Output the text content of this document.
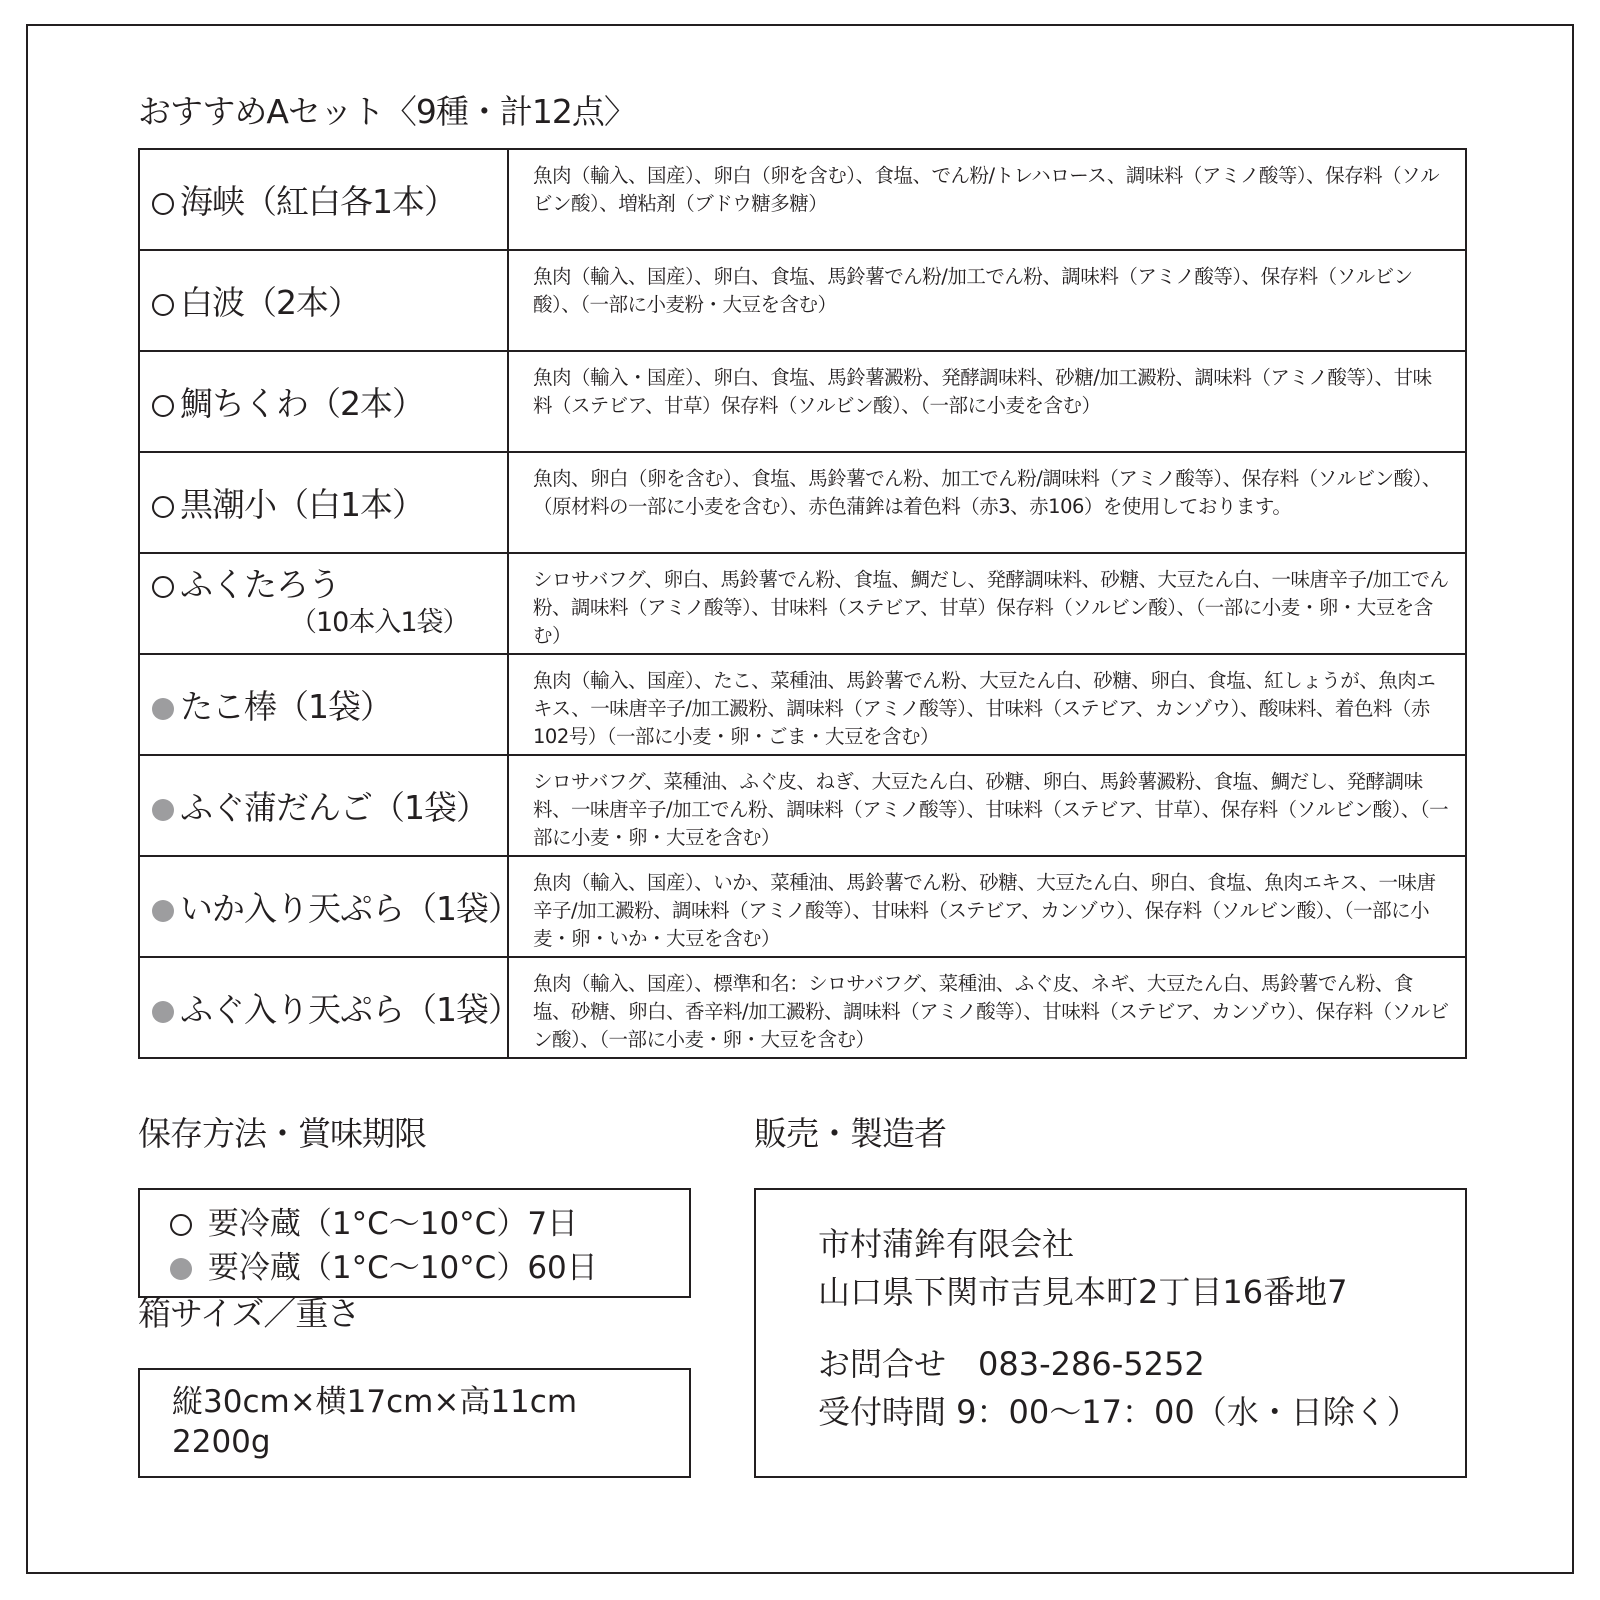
おすすめAセット〈9種・計12点〉
海峡（紅白各1本）	魚肉（輸入、国産）、卵白（卵を含む）、食塩、でん粉/トレハロース、調味料（アミノ酸等）、保存料（ソルビン酸）、増粘剤（ブドウ糖多糖）
白波（2本）	魚肉（輸入、国産）、卵白、食塩、馬鈴薯でん粉/加工でん粉、調味料（アミノ酸等）、保存料（ソルビン酸）、（一部に小麦粉・大豆を含む）
鯛ちくわ（2本）	魚肉（輸入・国産）、卵白、食塩、馬鈴薯澱粉、発酵調味料、砂糖/加工澱粉、調味料（アミノ酸等）、甘味料（ステビア、甘草）保存料（ソルビン酸）、（一部に小麦を含む）
黒潮小（白1本）	魚肉、卵白（卵を含む）、食塩、馬鈴薯でん粉、加工でん粉/調味料（アミノ酸等）、保存料（ソルビン酸）、（原材料の一部に小麦を含む）、赤色蒲鉾は着色料（赤3、赤106）を使用しております。
ふくたろう
（10本入1袋）	シロサバフグ、卵白、馬鈴薯でん粉、食塩、鯛だし、発酵調味料、砂糖、大豆たん白、一味唐辛子/加工でん粉、調味料（アミノ酸等）、甘味料（ステビア、甘草）保存料（ソルビン酸）、（一部に小麦・卵・大豆を含む）
たこ棒（1袋）	魚肉（輸入、国産）、たこ、菜種油、馬鈴薯でん粉、大豆たん白、砂糖、卵白、食塩、紅しょうが、魚肉エキス、一味唐辛子/加工澱粉、調味料（アミノ酸等）、甘味料（ステビア、カンゾウ）、酸味料、着色料（赤102号）（一部に小麦・卵・ごま・大豆を含む）
ふぐ蒲だんご（1袋）	シロサバフグ、菜種油、ふぐ皮、ねぎ、大豆たん白、砂糖、卵白、馬鈴薯澱粉、食塩、鯛だし、発酵調味料、一味唐辛子/加工でん粉、調味料（アミノ酸等）、甘味料（ステビア、甘草）、保存料（ソルビン酸）、（一部に小麦・卵・大豆を含む）
いか入り天ぷら（1袋）	魚肉（輸入、国産）、いか、菜種油、馬鈴薯でん粉、砂糖、大豆たん白、卵白、食塩、魚肉エキス、一味唐辛子/加工澱粉、調味料（アミノ酸等）、甘味料（ステビア、カンゾウ）、保存料（ソルビン酸）、（一部に小麦・卵・いか・大豆を含む）
ふぐ入り天ぷら（1袋）	魚肉（輸入、国産）、標準和名：シロサバフグ、菜種油、ふぐ皮、ネギ、大豆たん白、馬鈴薯でん粉、食塩、砂糖、卵白、香辛料/加工澱粉、調味料（アミノ酸等）、甘味料（ステビア、カンゾウ）、保存料（ソルビン酸）、（一部に小麦・卵・大豆を含む）
保存方法・賞味期限
要冷蔵（1°C〜10°C）7日
要冷蔵（1°C〜10°C）60日
箱サイズ／重さ
縦30cm×横17cm×高11cm
2200g
販売・製造者
市村蒲鉾有限会社
山口県下関市吉見本町2丁目16番地7
お問合せ　083-286-5252
受付時間 9：00〜17：00（水・日除く）
